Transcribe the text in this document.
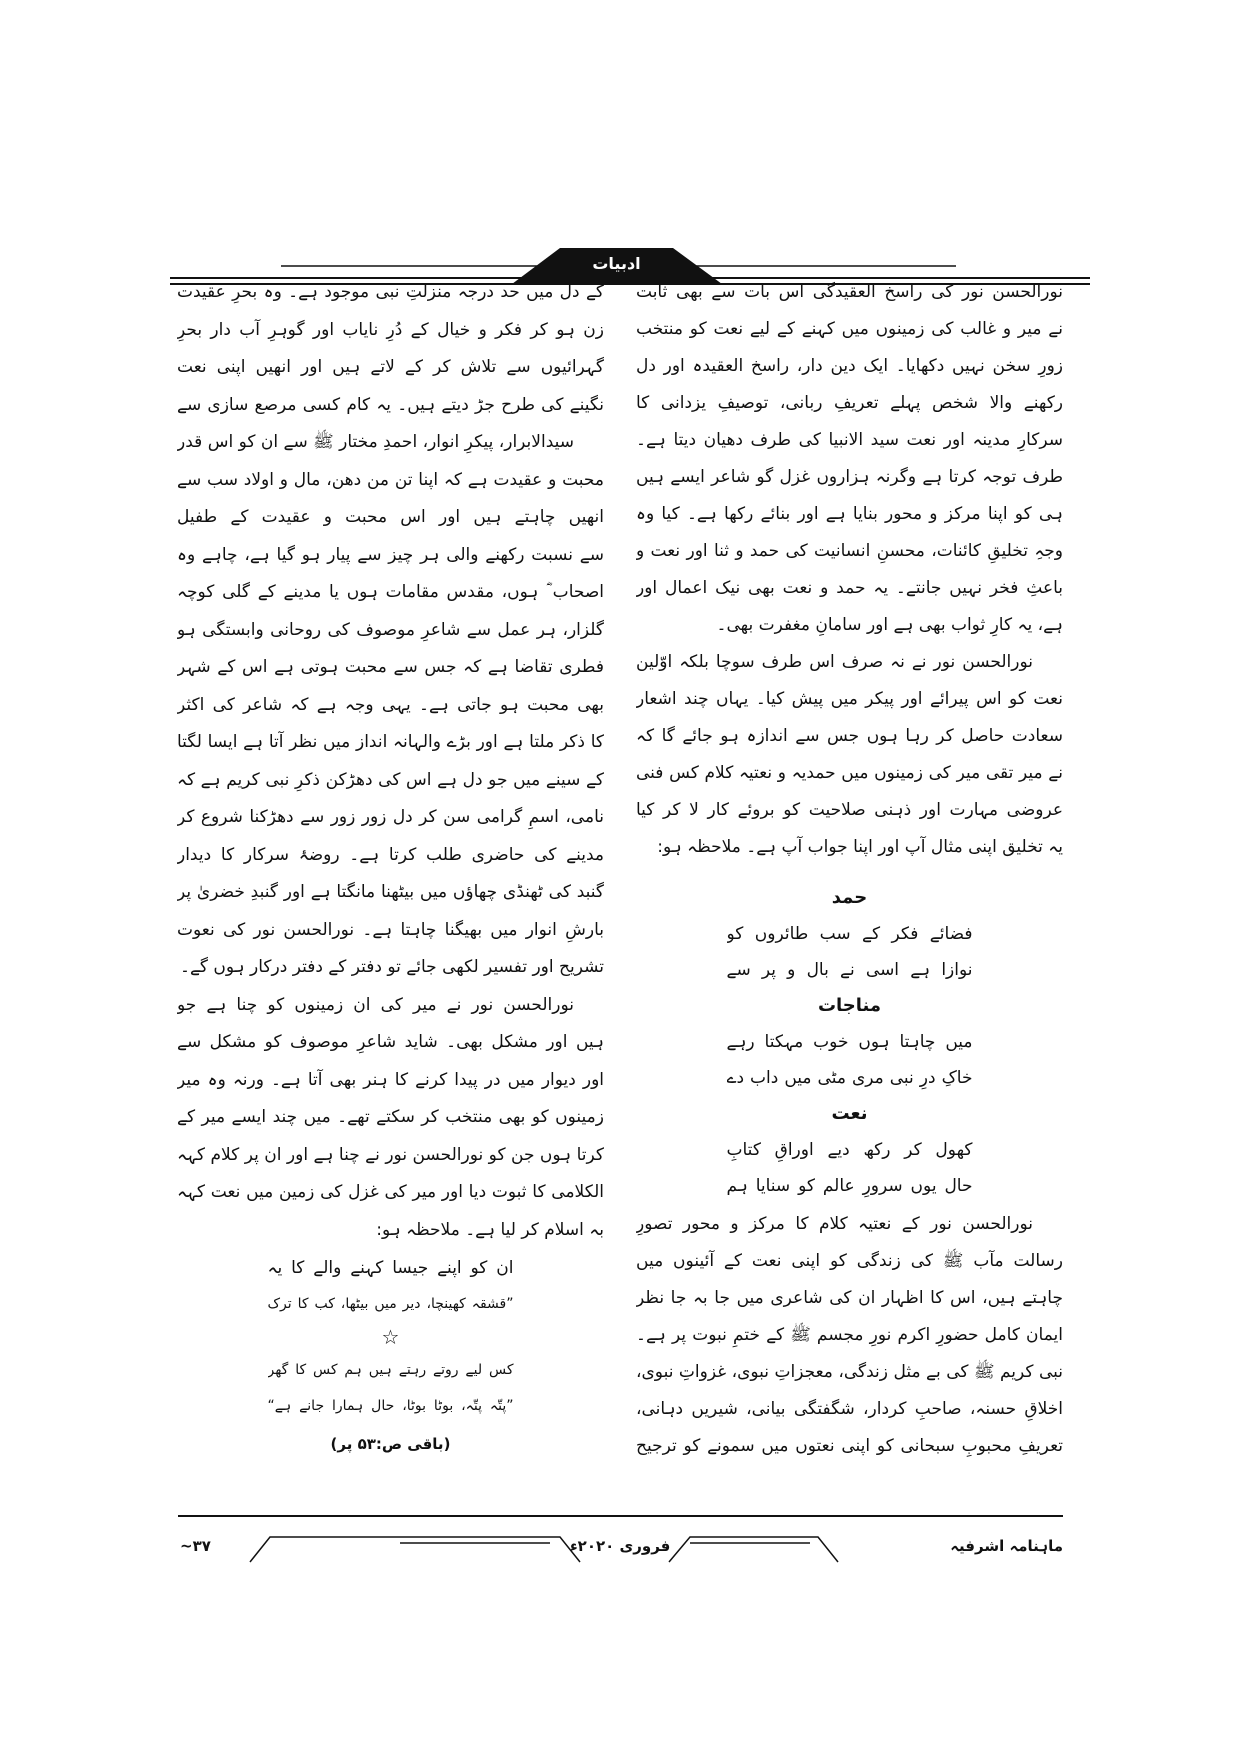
ادبیات
نورالحسن نور کی راسخ العقیدگی اس بات سے بھی ثابت
نے میر و غالب کی زمینوں میں کہنے کے لیے نعت کو منتخب
زورِ سخن نہیں دکھایا۔ ایک دین دار، راسخ العقیدہ اور دل
رکھنے والا شخص پہلے تعریفِ ربانی، توصیفِ یزدانی کا
سرکارِ مدینہ اور نعت سید الانبیا کی طرف دھیان دیتا ہے۔
طرف توجہ کرتا ہے وگرنہ ہزاروں غزل گو شاعر ایسے ہیں
ہی کو اپنا مرکز و محور بنایا ہے اور بنائے رکھا ہے۔ کیا وہ
وجہِ تخلیقِ کائنات، محسنِ انسانیت کی حمد و ثنا اور نعت و
باعثِ فخر نہیں جانتے۔ یہ حمد و نعت بھی نیک اعمال اور
ہے، یہ کارِ ثواب بھی ہے اور سامانِ مغفرت بھی۔
نورالحسن نور نے نہ صرف اس طرف سوچا بلکہ اوّلین
نعت کو اس پیرائے اور پیکر میں پیش کیا۔ یہاں چند اشعار
سعادت حاصل کر رہا ہوں جس سے اندازہ ہو جائے گا کہ
نے میر تقی میر کی زمینوں میں حمدیہ و نعتیہ کلام کس فنی
عروضی مہارت اور ذہنی صلاحیت کو بروئے کار لا کر کیا
یہ تخلیق اپنی مثال آپ اور اپنا جواب آپ ہے۔ ملاحظہ ہو:
حمد
فضائے فکر کے سب طائروں کو
نوازا ہے اسی نے بال و پر سے
مناجات
میں چاہتا ہوں خوب مہکتا رہے
خاکِ درِ نبی مری مٹی میں داب دے
نعت
کھول کر رکھ دیے اوراقِ کتابِ
حال یوں سرورِ عالم کو سنایا ہم
نورالحسن نور کے نعتیہ کلام کا مرکز و محور تصورِ
رسالت مآب ﷺ کی زندگی کو اپنی نعت کے آئینوں میں
چاہتے ہیں، اس کا اظہار ان کی شاعری میں جا بہ جا نظر
ایمان کامل حضورِ اکرم نورِ مجسم ﷺ کے ختمِ نبوت پر ہے۔
نبی کریم ﷺ کی بے مثل زندگی، معجزاتِ نبوی، غزواتِ نبوی،
اخلاقِ حسنہ، صاحبِ کردار، شگفتگی بیانی، شیریں دہانی،
تعریفِ محبوبِ سبحانی کو اپنی نعتوں میں سمونے کو ترجیح
کے دل میں حد درجہ منزلتِ نبی موجود ہے۔ وہ بحرِ عقیدت
زن ہو کر فکر و خیال کے دُرِ نایاب اور گوہرِ آب دار بحرِ
گہرائیوں سے تلاش کر کے لاتے ہیں اور انھیں اپنی نعت
نگینے کی طرح جڑ دیتے ہیں۔ یہ کام کسی مرصع سازی سے
سیدالابرار، پیکرِ انوار، احمدِ مختار ﷺ سے ان کو اس قدر
محبت و عقیدت ہے کہ اپنا تن من دھن، مال و اولاد سب سے
انھیں چاہتے ہیں اور اس محبت و عقیدت کے طفیل
سے نسبت رکھنے والی ہر چیز سے پیار ہو گیا ہے، چاہے وہ
اصحاب ؓ ہوں، مقدس مقامات ہوں یا مدینے کے گلی کوچہ
گلزار، ہر عمل سے شاعرِ موصوف کی روحانی وابستگی ہو
فطری تقاضا ہے کہ جس سے محبت ہوتی ہے اس کے شہر
بھی محبت ہو جاتی ہے۔ یہی وجہ ہے کہ شاعر کی اکثر
کا ذکر ملتا ہے اور بڑے والہانہ انداز میں نظر آتا ہے ایسا لگتا
کے سینے میں جو دل ہے اس کی دھڑکن ذکرِ نبی کریم ہے کہ
نامی، اسمِ گرامی سن کر دل زور زور سے دھڑکنا شروع کر
مدینے کی حاضری طلب کرتا ہے۔ روضۂ سرکار کا دیدار
گنبد کی ٹھنڈی چھاؤں میں بیٹھنا مانگتا ہے اور گنبدِ خضریٰ پر
بارشِ انوار میں بھیگنا چاہتا ہے۔ نورالحسن نور کی نعوت
تشریح اور تفسیر لکھی جائے تو دفتر کے دفتر درکار ہوں گے۔
نورالحسن نور نے میر کی ان زمینوں کو چنا ہے جو
ہیں اور مشکل بھی۔ شاید شاعرِ موصوف کو مشکل سے
اور دیوار میں در پیدا کرنے کا ہنر بھی آتا ہے۔ ورنہ وہ میر
زمینوں کو بھی منتخب کر سکتے تھے۔ میں چند ایسے میر کے
کرتا ہوں جن کو نورالحسن نور نے چنا ہے اور ان پر کلام کہہ
الکلامی کا ثبوت دیا اور میر کی غزل کی زمین میں نعت کہہ
بہ اسلام کر لیا ہے۔ ملاحظہ ہو:
ان کو اپنے جیسا کہنے والے کا یہ
”قشقہ کھینچا، دیر میں بیٹھا، کب کا ترک
☆
کس لیے روتے رہتے ہیں ہم کس کا گھر
”پتّہ پتّہ، بوٹا بوٹا، حال ہمارا جانے ہے“
(باقی ص:۵۳ پر)
ماہنامہ اشرفیہ
فروری ۲۰۲۰ء
۳۷~
